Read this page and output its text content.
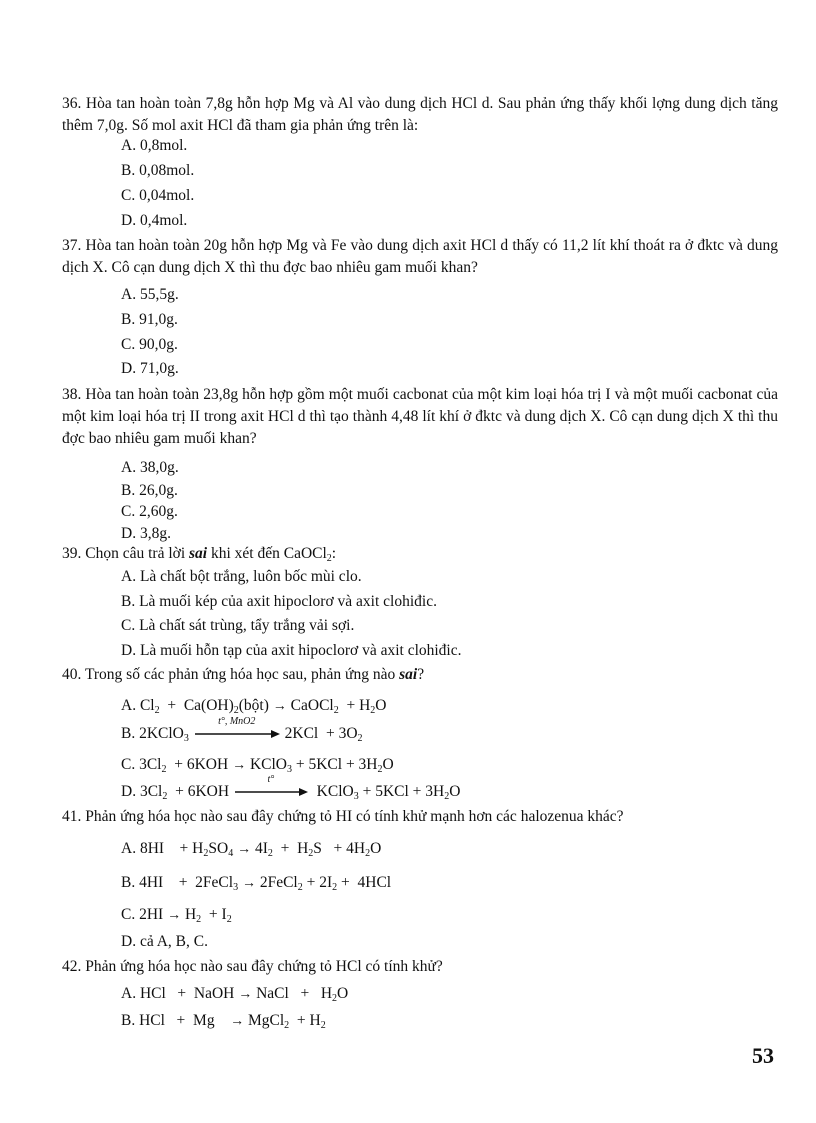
36. Hòa tan hoàn toàn 7,8g hỗn hợp Mg và Al vào dung dịch HCl d. Sau phản ứng thấy khối lợng dung dịch tăng thêm 7,0g. Số mol axit HCl đã tham gia phản ứng trên là:
A. 0,8mol.
B. 0,08mol.
C. 0,04mol.
D. 0,4mol.
37. Hòa tan hoàn toàn 20g hỗn hợp Mg và Fe vào dung dịch axit HCl d thấy có 11,2 lít khí thoát ra ở đktc và dung dịch X. Cô cạn dung dịch X thì thu đợc bao nhiêu gam muối khan?
A. 55,5g.
B. 91,0g.
C. 90,0g.
D. 71,0g.
38. Hòa tan hoàn toàn 23,8g hỗn hợp gồm một muối cacbonat của một kim loại hóa trị I và một muối cacbonat của một kim loại hóa trị II trong axit HCl d thì tạo thành 4,48 lít khí ở đktc và dung dịch X. Cô cạn dung dịch X thì thu đợc bao nhiêu gam muối khan?
A. 38,0g.
B. 26,0g.
C. 2,60g.
D. 3,8g.
39. Chọn câu trả lời sai khi xét đến CaOCl$_2$:
A. Là chất bột trắng, luôn bốc mùi clo.
B. Là muối kép của axit hipoclorơ và axit clohiđic.
C. Là chất sát trùng, tẩy trắng vải sợi.
D. Là muối hỗn tạp của axit hipoclorơ và axit clohiđic.
40. Trong số các phản ứng hóa học sau, phản ứng nào sai?
A. $Cl_2$  +  $Ca(OH)_2(bột)$ → CaOCl$_2$  + $H_2O$
B. 2KClO$_3$
t°, MnO2
$2KCl + 3O_2$
C. $3Cl_2 + 6KOH$ → KClO$_3$ + $5KCl + 3H_2O$
D. $3Cl_2 + 6KOH$
t°
KClO$_3$ + $5KCl + 3H_2O$
41. Phản ứng hóa học nào sau đây chứng tỏ HI có tính khử mạnh hơn các halozenua khác?
A. 8HI    + $H_2SO_4 \to 4I_2 + H_2S + 4H_2O$
B. 4HI    +  2FeCl$_3$ → 2FeCl$_2$ + $2I_2 + 4HCl$
C. $2HI \to H_2 + I_2$
D. cả A, B, C.
42. Phản ứng hóa học nào sau đây chứng tỏ HCl có tính khử?
A. HCl   +  NaOH → NaCl   +   $H_2O$
B. HCl   +  Mg    → MgCl$_2$  + $H_2$
53
